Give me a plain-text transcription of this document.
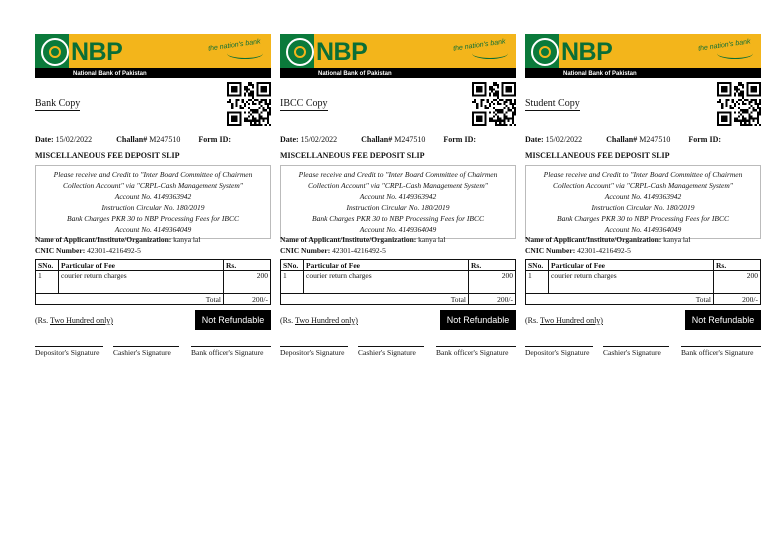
NBP	the nation's bank
National Bank of Pakistan
Bank Copy
Date: 15/02/2022	Challan# M247510 Form ID:
MISCELLANEOUS FEE DEPOSIT SLIP
Please receive and Credit to "Inter Board Committee of Chairmen
Collection Account" via "CRPL-Cash Management System"
Account No. 4149363942
Instruction Circular No. 180/2019
Bank Charges PKR 30 to NBP Processing Fees for IBCC
Account No. 4149364049
Name of Applicant/Institute/Organization: kanya lal
CNIC Number: 42301-4216492-5
SNo.	Particular of Fee	Rs.
1	courier return charges	200
Total		200/-
(Rs. Two Hundred only)	Not Refundable
Depositor's Signature	Cashier's Signature	Bank officer's Signature
NBP	the nation's bank
National Bank of Pakistan
IBCC Copy
Date: 15/02/2022	Challan# M247510 Form ID:
MISCELLANEOUS FEE DEPOSIT SLIP
Please receive and Credit to "Inter Board Committee of Chairmen
Collection Account" via "CRPL-Cash Management System"
Account No. 4149363942
Instruction Circular No. 180/2019
Bank Charges PKR 30 to NBP Processing Fees for IBCC
Account No. 4149364049
Name of Applicant/Institute/Organization: kanya lal
CNIC Number: 42301-4216492-5
SNo.	Particular of Fee	Rs.
1	courier return charges	200
Total		200/-
(Rs. Two Hundred only)	Not Refundable
Depositor's Signature	Cashier's Signature	Bank officer's Signature
NBP	the nation's bank
National Bank of Pakistan
Student Copy
Date: 15/02/2022	Challan# M247510 Form ID:
MISCELLANEOUS FEE DEPOSIT SLIP
Please receive and Credit to "Inter Board Committee of Chairmen
Collection Account" via "CRPL-Cash Management System"
Account No. 4149363942
Instruction Circular No. 180/2019
Bank Charges PKR 30 to NBP Processing Fees for IBCC
Account No. 4149364049
Name of Applicant/Institute/Organization: kanya lal
CNIC Number: 42301-4216492-5
SNo.	Particular of Fee	Rs.
1	courier return charges	200
Total		200/-
(Rs. Two Hundred only)	Not Refundable
Depositor's Signature	Cashier's Signature	Bank officer's Signature
